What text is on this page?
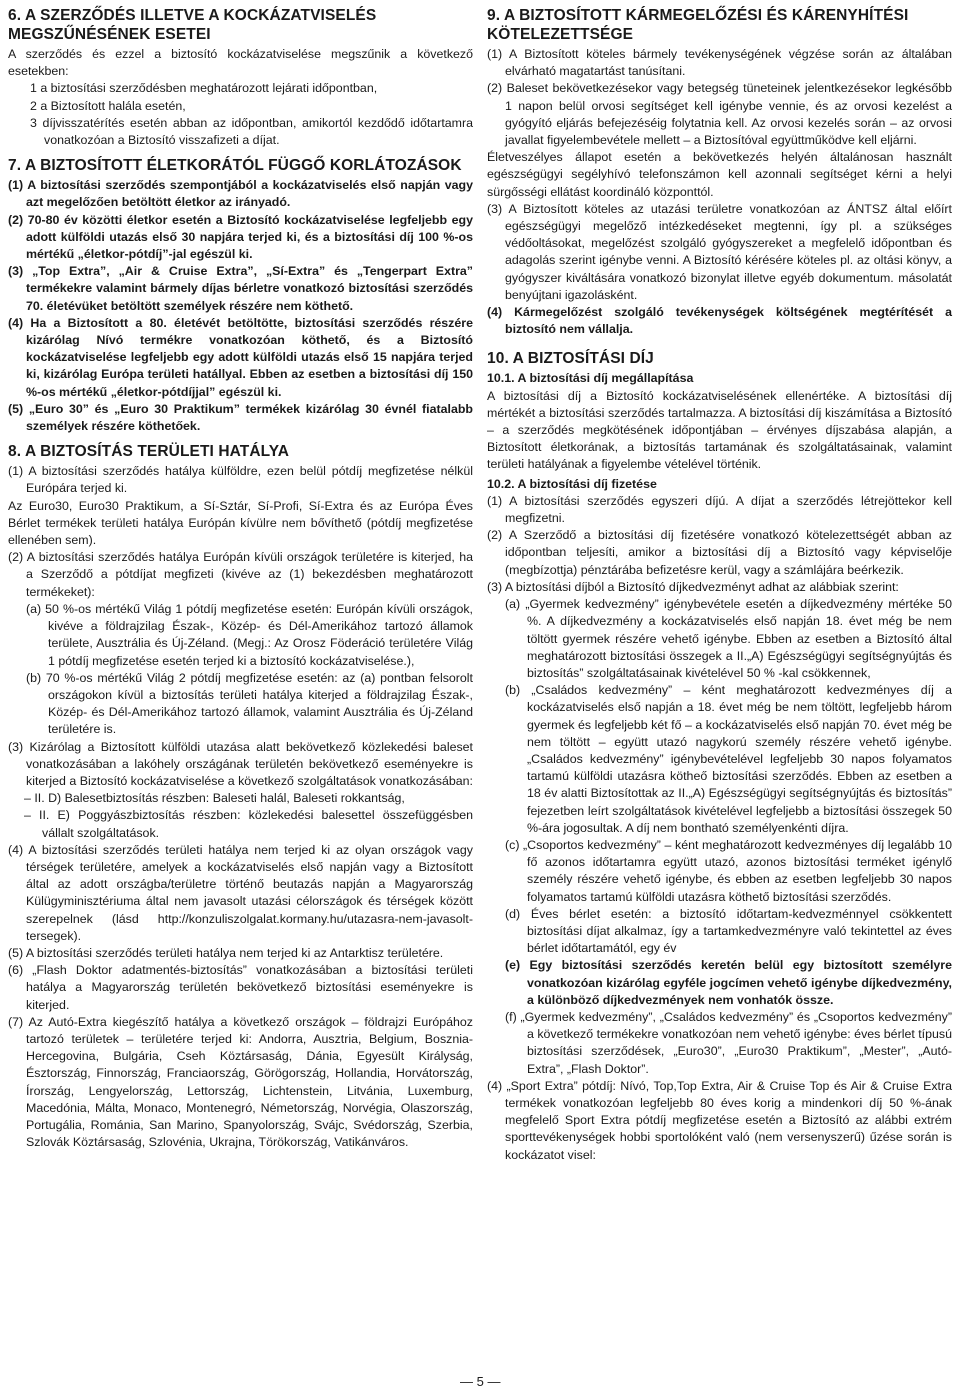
6. A SZERZŐDÉS ILLETVE A KOCKÁZATVISELÉS MEGSZŰNÉSÉNEK ESETEI

A szerződés és ezzel a biztosító kockázatviselése megszűnik a következő esetekben:

1 a biztosítási szerződésben meghatározott lejárati időpontban,

2 a Biztosított halála esetén,

3 díjvisszatérítés esetén abban az időpontban, amikortól kezdődő időtartamra vonatkozóan a Biztosító visszafizeti a díjat.

7. A BIZTOSÍTOTT ÉLETKORÁTÓL FÜGGŐ KORLÁTOZÁSOK

(1) A biztosítási szerződés szempontjából a kockázatviselés első napján vagy azt megelőzően betöltött életkor az irányadó.

(2) 70-80 év közötti életkor esetén a Biztosító kockázatviselése legfeljebb egy adott külföldi utazás első 30 napjára terjed ki, és a biztosítási díj 100 %-os mértékű „életkor-pótdíj”-jal egészül ki.

(3) „Top Extra”, „Air & Cruise Extra”, „Sí-Extra” és „Tengerpart Extra” termékekre valamint bármely díjas bérletre vonatkozó biztosítási szerződés 70. életévüket betöltött személyek részére nem köthető.

(4) Ha a Biztosított a 80. életévét betöltötte, biztosítási szerződés részére kizárólag Nívó termékre vonatkozóan köthető, és a Biztosító kockázatviselése legfeljebb egy adott külföldi utazás első 15 napjára terjed ki, kizárólag Európa területi hatállyal. Ebben az esetben a biztosítási díj 150 %-os mértékű „életkor-pótdíjjal” egészül ki.

(5) „Euro 30” és „Euro 30 Praktikum” termékek kizárólag 30 évnél fiatalabb személyek részére köthetőek.

8. A BIZTOSÍTÁS TERÜLETI HATÁLYA

(1) A biztosítási szerződés hatálya külföldre, ezen belül pótdíj megfizetése nélkül Európára terjed ki.

Az Euro30, Euro30 Praktikum, a Sí-Sztár, Sí-Profi, Sí-Extra és az Európa Éves Bérlet termékek területi hatálya Európán kívülre nem bővíthető (pótdíj megfizetése ellenében sem).

(2) A biztosítási szerződés hatálya Európán kívüli országok területére is kiterjed, ha a Szerződő a pótdíjat megfizeti (kivéve az (1) bekezdésben meghatározott termékeket):

(a) 50 %-os mértékű Világ 1 pótdíj megfizetése esetén: Európán kívüli országok, kivéve a földrajzilag Észak-, Közép- és Dél-Amerikához tartozó államok területe, Ausztrália és Új-Zéland. (Megj.: Az Orosz Föderáció területére Világ 1 pótdíj megfizetése esetén terjed ki a biztosító kockázatviselése.),

(b) 70 %-os mértékű Világ 2 pótdíj megfizetése esetén: az (a) pontban felsorolt országokon kívül a biztosítás területi hatálya kiterjed a földrajzilag Észak-, Közép- és Dél-Amerikához tartozó államok, valamint Ausztrália és Új-Zéland területére is.

(3) Kizárólag a Biztosított külföldi utazása alatt bekövetkező közlekedési baleset vonatkozásában a lakóhely országának területén bekövetkező eseményekre is kiterjed a Biztosító kockázatviselése a következő szolgáltatások vonatkozásában:

– II. D) Balesetbiztosítás részben: Baleseti halál, Baleseti rokkantság,

– II. E) Poggyászbiztosítás részben: közlekedési balesettel összefüggésben vállalt szolgáltatások.

(4) A biztosítási szerződés területi hatálya nem terjed ki az olyan országok vagy térségek területére, amelyek a kockázatviselés első napján vagy a Biztosított által az adott országba/területre történő beutazás napján a Magyarország Külügyminisztériuma által nem javasolt utazási célországok és térségek között szerepelnek (lásd http://konzuliszolgalat.kormany.hu/utazasra-nem-javasolt-tersegek).

(5) A biztosítási szerződés területi hatálya nem terjed ki az Antarktisz területére.

(6) „Flash Doktor adatmentés-biztosítás” vonatkozásában a biztosítási területi hatálya a Magyarország területén bekövetkező biztosítási eseményekre is kiterjed.

(7) Az Autó-Extra kiegészítő hatálya a következő országok – földrajzi Európához tartozó területek – területére terjed ki: Andorra, Ausztria, Belgium, Bosznia-Hercegovina, Bulgária, Cseh Köztársaság, Dánia, Egyesült Királyság, Észtország, Finnország, Franciaország, Görögország, Hollandia, Horvátország, Írország, Lengyelország, Lettország, Lichtenstein, Litvánia, Luxemburg, Macedónia, Málta, Monaco, Montenegró, Németország, Norvégia, Olaszország, Portugália, Románia, San Marino, Spanyolország, Svájc, Svédország, Szerbia, Szlovák Köztársaság, Szlovénia, Ukrajna, Törökország, Vatikánváros.

9. A BIZTOSÍTOTT KÁRMEGELŐZÉSI ÉS KÁRENYHÍTÉSI KÖTELEZETTSÉGE

(1) A Biztosított köteles bármely tevékenységének végzése során az általában elvárható magatartást tanúsítani.

(2) Baleset bekövetkezésekor vagy betegség tüneteinek jelentkezésekor legkésőbb 1 napon belül orvosi segítséget kell igénybe vennie, és az orvosi kezelést a gyógyító eljárás befejezéséig folytatnia kell. Az orvosi kezelés során – az orvosi javallat figyelembevétele mellett – a Biztosítóval együttműködve kell eljárni.

Életveszélyes állapot esetén a bekövetkezés helyén általánosan használt egészségügyi segélyhívó telefonszámon kell azonnali segítséget kérni a helyi sürgősségi ellátást koordináló központtól.

(3) A Biztosított köteles az utazási területre vonatkozóan az ÁNTSZ által előírt egészségügyi megelőző intézkedéseket megtenni, így pl. a szükséges védőoltásokat, megelőzést szolgáló gyógyszereket a megfelelő időpontban és adagolás szerint igénybe venni. A Biztosító kérésére köteles pl. az oltási könyv, a gyógyszer kiváltására vonatkozó bizonylat illetve egyéb dokumentum. másolatát benyújtani igazolásként.

(4) Kármegelőzést szolgáló tevékenységek költségének megtérítését a biztosító nem vállalja.

10. A BIZTOSÍTÁSI DÍJ

10.1. A biztosítási díj megállapítása

A biztosítási díj a Biztosító kockázatviselésének ellenértéke. A biztosítási díj mértékét a biztosítási szerződés tartalmazza. A biztosítási díj kiszámítása a Biztosító – a szerződés megkötésének időpontjában – érvényes díjszabása alapján, a Biztosított életkorának, a biztosítás tartamának és szolgáltatásainak, valamint területi hatályának a figyelembe vételével történik.

10.2. A biztosítási díj fizetése

(1) A biztosítási szerződés egyszeri díjú. A díjat a szerződés létrejöttekor kell megfizetni.

(2) A Szerződő a biztosítási díj fizetésére vonatkozó kötelezettségét abban az időpontban teljesíti, amikor a biztosítási díj a Biztosító vagy képviselője (megbízottja) pénztárába befizetésre kerül, vagy a számlájára beérkezik.

(3) A biztosítási díjból a Biztosító díjkedvezményt adhat az alábbiak szerint:

(a) „Gyermek kedvezmény” igénybevétele esetén a díjkedvezmény mértéke 50 %. A díjkedvezmény a kockázatviselés első napján 18. évet még be nem töltött gyermek részére vehető igénybe. Ebben az esetben a Biztosító által meghatározott biztosítási összegek a II.„A) Egészségügyi segítségnyújtás és biztosítás” szolgáltatásainak kivételével 50 % -kal csökkennek,

(b) „Családos kedvezmény” – ként meghatározott kedvezményes díj a kockázatviselés első napján a 18. évet még be nem töltött, legfeljebb három gyermek és legfeljebb két fő – a kockázatviselés első napján 70. évet még be nem töltött – együtt utazó nagykorú személy részére vehető igénybe. „Családos kedvezmény” igénybevételével legfeljebb 30 napos folyamatos tartamú külföldi utazásra kötheő biztosítási szerződés. Ebben az esetben a 18 év alatti Biztosítottak az II.„A) Egészségügyi segítségnyújtás és biztosítás” fejezetben leírt szolgáltatások kivételével legfeljebb a biztosítási összegek 50 %-ára jogosultak. A díj nem bontható személyenkénti díjra.

(c) „Csoportos kedvezmény” – ként meghatározott kedvezményes díj legalább 10 fő azonos időtartamra együtt utazó, azonos biztosítási terméket igénylő személy részére vehető igénybe, és ebben az esetben legfeljebb 30 napos folyamatos tartamú külföldi utazásra köthető biztosítási szerződés.

(d) Éves bérlet esetén: a biztosító időtartam-kedvezménnyel csökkentett biztosítási díjat alkalmaz, így a tartamkedvezményre való tekintettel az éves bérlet időtartamától, egy év

(e) Egy biztosítási szerződés keretén belül egy biztosított személyre vonatkozóan kizárólag egyféle jogcímen vehető igénybe díjkedvezmény, a különböző díjkedvezmények nem vonhatók össze.

(f) „Gyermek kedvezmény”, „Családos kedvezmény” és „Csoportos kedvezmény” a következő termékekre vonatkozóan nem vehető igénybe: éves bérlet típusú biztosítási szerződések, „Euro30”, „Euro30 Praktikum”, „Mester”, „Autó-Extra”, „Flash Doktor”.

(4) „Sport Extra” pótdíj: Nívó, Top,Top Extra, Air & Cruise Top és Air & Cruise Extra termékek vonatkozóan legfeljebb 80 éves korig a mindenkori díj 50 %-ának megfelelő Sport Extra pótdíj megfizetése esetén a Biztosító az alábbi extrém sporttevékenységek hobbi sportolóként való (nem versenyszerű) űzése során is kockázatot visel:

— 5 —
